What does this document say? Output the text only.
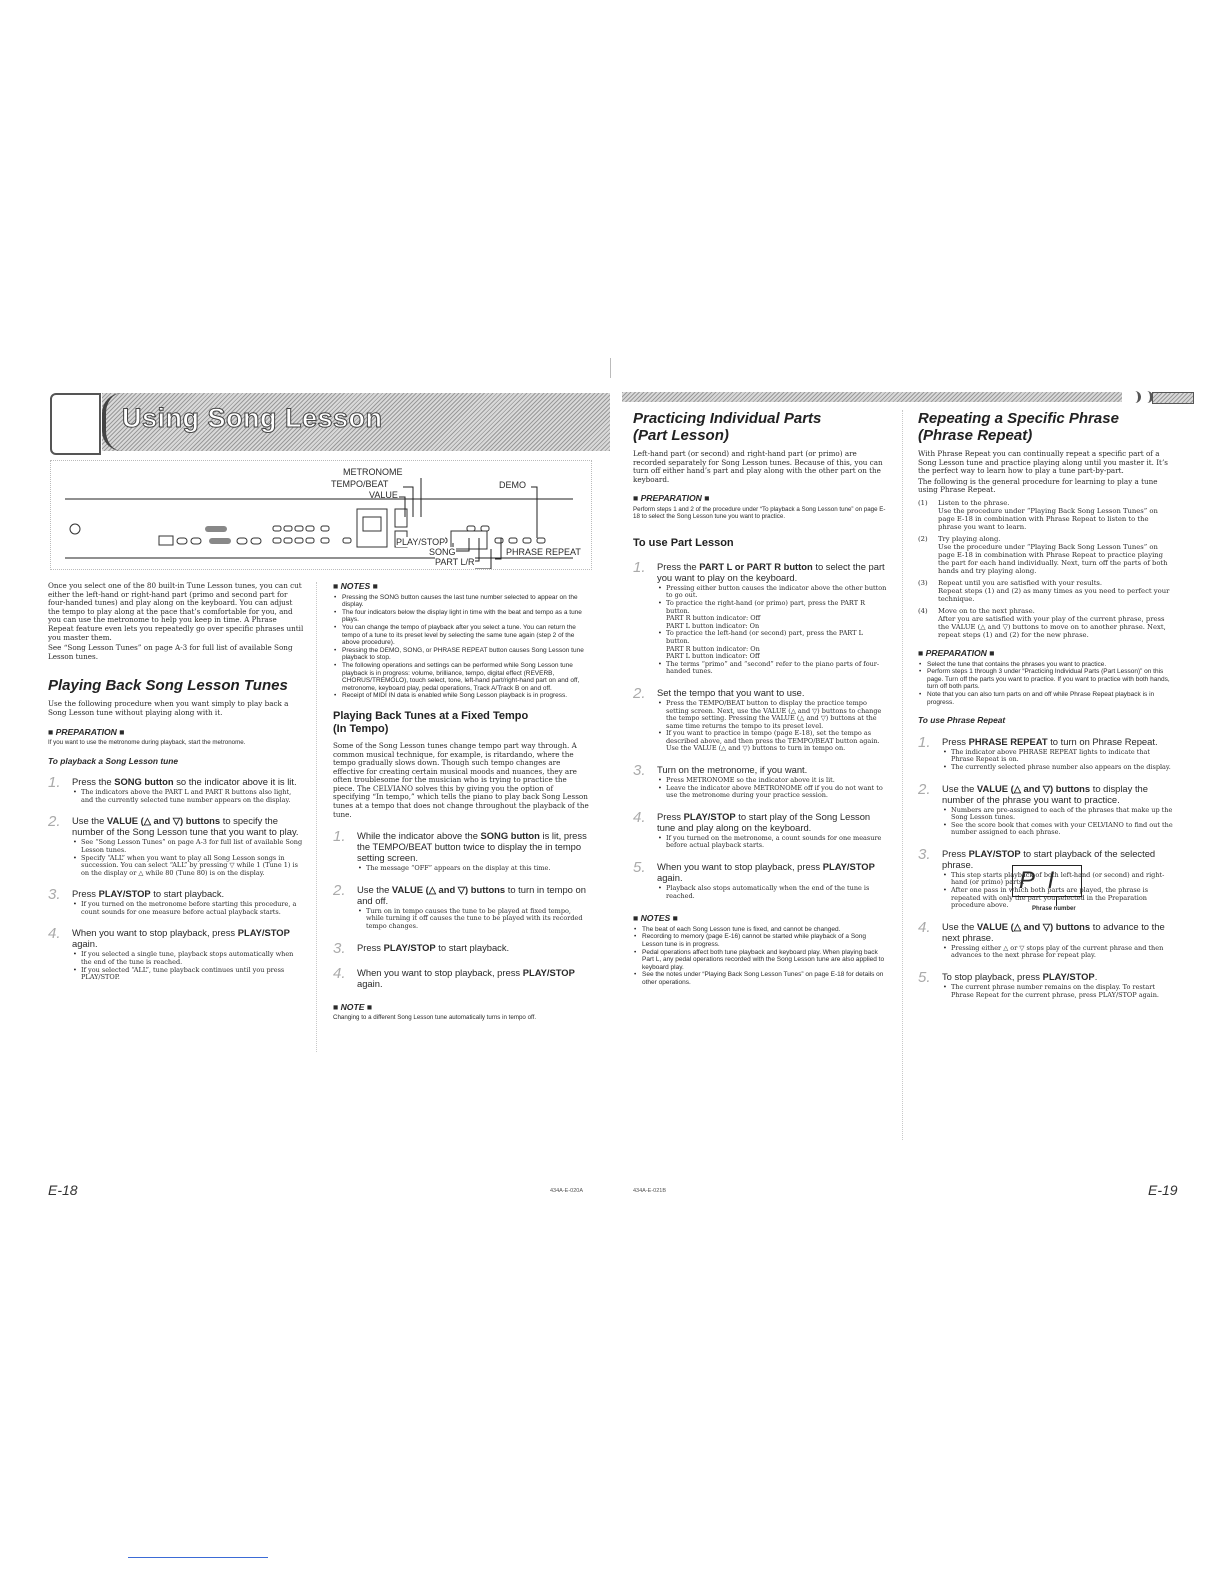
Using Song Lesson
METRONOME
TEMPO/BEAT
VALUE
DEMO
PLAY/STOP
SONG
PART L/R
PHRASE REPEAT

Once you select one of the 80 built-in Tune Lesson tunes, you can cut either the left-hand or right-hand part (primo and second part for four-handed tunes) and play along on the keyboard. You can adjust the tempo to play along at the pace that’s comfortable for you, and you can use the metronome to help you keep in time. A Phrase Repeat feature even lets you repeatedly go over specific phrases until you master them.

See “Song Lesson Tunes” on page A-3 for full list of available Song Lesson tunes.

Playing Back Song Lesson Tunes

Use the following procedure when you want simply to play back a Song Lesson tune without playing along with it.

■ PREPARATION ■

If you want to use the metronome during playback, start the metronome.

To playback a Song Lesson tune
1.	Press the SONG button so the indicator above it is lit.
• The indicators above the PART L and PART R buttons also light, and the currently selected tune number appears on the display.
2.	Use the VALUE (△ and ▽) buttons to specify the number of the Song Lesson tune that you want to play.
• See “Song Lesson Tunes” on page A-3 for full list of available Song Lesson tunes.
• Specify “ALL” when you want to play all Song Lesson songs in succession. You can select “ALL” by pressing ▽ while 1 (Tune 1) is on the display or △ while 80 (Tune 80) is on the display.
3.	Press PLAY/STOP to start playback.
• If you turned on the metronome before starting this procedure, a count sounds for one measure before actual playback starts.
4.	When you want to stop playback, press PLAY/STOP again.
• If you selected a single tune, playback stops automatically when the end of the tune is reached.
• If you selected “ALL”, tune playback continues until you press PLAY/STOP.
■ NOTES ■
• Pressing the SONG button causes the last tune number selected to appear on the display.
• The four indicators below the display light in time with the beat and tempo as a tune plays.
• You can change the tempo of playback after you select a tune. You can return the tempo of a tune to its preset level by selecting the same tune again (step 2 of the above procedure).
• Pressing the DEMO, SONG, or PHRASE REPEAT button causes Song Lesson tune playback to stop.
• The following operations and settings can be performed while Song Lesson tune playback is in progress: volume, brilliance, tempo, digital effect (REVERB, CHORUS/TREMOLO), touch select, tone, left-hand part/right-hand part on and off, metronome, keyboard play, pedal operations, Track A/Track B on and off.
• Receipt of MIDI IN data is enabled while Song Lesson playback is in progress.
Playing Back Tunes at a Fixed Tempo
(In Tempo)

Some of the Song Lesson tunes change tempo part way through. A common musical technique, for example, is ritardando, where the tempo gradually slows down. Though such tempo changes are effective for creating certain musical moods and nuances, they are often troublesome for the musician who is trying to practice the piece. The CELVIANO solves this by giving you the option of specifying “In tempo,” which tells the piano to play back Song Lesson tunes at a tempo that does not change throughout the playback of the tune.

1.	While the indicator above the SONG button is lit, press the TEMPO/BEAT button twice to display the in tempo setting screen.
• The message “OFF” appears on the display at this time.
2.	Use the VALUE (△ and ▽) buttons to turn in tempo on and off.
• Turn on in tempo causes the tune to be played at fixed tempo, while turning it off causes the tune to be played with its recorded tempo changes.
3.	Press PLAY/STOP to start playback.
4.	When you want to stop playback, press PLAY/STOP again.
■ NOTE ■

Changing to a different Song Lesson tune automatically turns in tempo off.

E-18	434A-E-020A
Practicing Individual Parts
(Part Lesson)

Left-hand part (or second) and right-hand part (or primo) are recorded separately for Song Lesson tunes. Because of this, you can turn off either hand’s part and play along with the other part on the keyboard.

■ PREPARATION ■

Perform steps 1 and 2 of the procedure under “To playback a Song Lesson tune” on page E-18 to select the Song Lesson tune you want to practice.

To use Part Lesson
1.	Press the PART L or PART R button to select the part you want to play on the keyboard.
• Pressing either button causes the indicator above the other button to go out.
• To practice the right-hand (or primo) part, press the PART R button.
PART R button indicator: Off
PART L button indicator: On
• To practice the left-hand (or second) part, press the PART L button.
PART R button indicator: On
PART L button indicator: Off
• The terms “primo” and “second” refer to the piano parts of four-handed tunes.
2.	Set the tempo that you want to use.
• Press the TEMPO/BEAT button to display the practice tempo setting screen. Next, use the VALUE (△ and ▽) buttons to change the tempo setting. Pressing the VALUE (△ and ▽) buttons at the same time returns the tempo to its preset level.
• If you want to practice in tempo (page E-18), set the tempo as described above, and then press the TEMPO/BEAT button again. Use the VALUE (△ and ▽) buttons to turn in tempo on.
3.	Turn on the metronome, if you want.
• Press METRONOME so the indicator above it is lit.
• Leave the indicator above METRONOME off if you do not want to use the metronome during your practice session.
4.	Press PLAY/STOP to start play of the Song Lesson tune and play along on the keyboard.
• If you turned on the metronome, a count sounds for one measure before actual playback starts.
5.	When you want to stop playback, press PLAY/STOP again.
• Playback also stops automatically when the end of the tune is reached.
■ NOTES ■
• The beat of each Song Lesson tune is fixed, and cannot be changed.
• Recording to memory (page E-16) cannot be started while playback of a Song Lesson tune is in progress.
• Pedal operations affect both tune playback and keyboard play. When playing back Part L, any pedal operations recorded with the Song Lesson tune are also applied to keyboard play.
• See the notes under “Playing Back Song Lesson Tunes” on page E-18 for details on other operations.
Repeating a Specific Phrase
(Phrase Repeat)

With Phrase Repeat you can continually repeat a specific part of a Song Lesson tune and practice playing along until you master it. It’s the perfect way to learn how to play a tune part-by-part.

The following is the general procedure for learning to play a tune using Phrase Repeat.

(1)	Listen to the phrase.
Use the procedure under “Playing Back Song Lesson Tunes” on page E-18 in combination with Phrase Repeat to listen to the phrase you want to learn.
(2)	Try playing along.
Use the procedure under “Playing Back Song Lesson Tunes” on page E-18 in combination with Phrase Repeat to practice playing the part for each hand individually. Next, turn off the parts of both hands and try playing along.
(3)	Repeat until you are satisfied with your results.
Repeat steps (1) and (2) as many times as you need to perfect your technique.
(4)	Move on to the next phrase.
After you are satisfied with your play of the current phrase, press the VALUE (△ and ▽) buttons to move on to another phrase. Next, repeat steps (1) and (2) for the new phrase.
■ PREPARATION ■
• Select the tune that contains the phrases you want to practice.
• Perform steps 1 through 3 under “Practicing Individual Parts (Part Lesson)” on this page. Turn off the parts you want to practice. If you want to practice with both hands, turn off both parts.
• Note that you can also turn parts on and off while Phrase Repeat playback is in progress.
To use Phrase Repeat
1.	Press PHRASE REPEAT to turn on Phrase Repeat.
• The indicator above PHRASE REPEAT lights to indicate that Phrase Repeat is on.
• The currently selected phrase number also appears on the display.
2.	Use the VALUE (△ and ▽) buttons to display the number of the phrase you want to practice.
• Numbers are pre-assigned to each of the phrases that make up the Song Lesson tunes.
• See the score book that comes with your CELVIANO to find out the number assigned to each phrase.
3.	Press PLAY/STOP to start playback of the selected phrase.
• This step starts playback of both left-hand (or second) and right-hand (or primo) parts.
• After one pass in which both parts are played, the phrase is repeated with only the part you selected in the Preparation procedure above.
4.	Use the VALUE (△ and ▽) buttons to advance to the next phrase.
• Pressing either △ or ▽ stops play of the current phrase and then advances to the next phrase for repeat play.
5.	To stop playback, press PLAY/STOP.
• The current phrase number remains on the display. To restart Phrase Repeat for the current phrase, press PLAY/STOP again.
P  I
Phrase number
434A-E-021B	E-19
